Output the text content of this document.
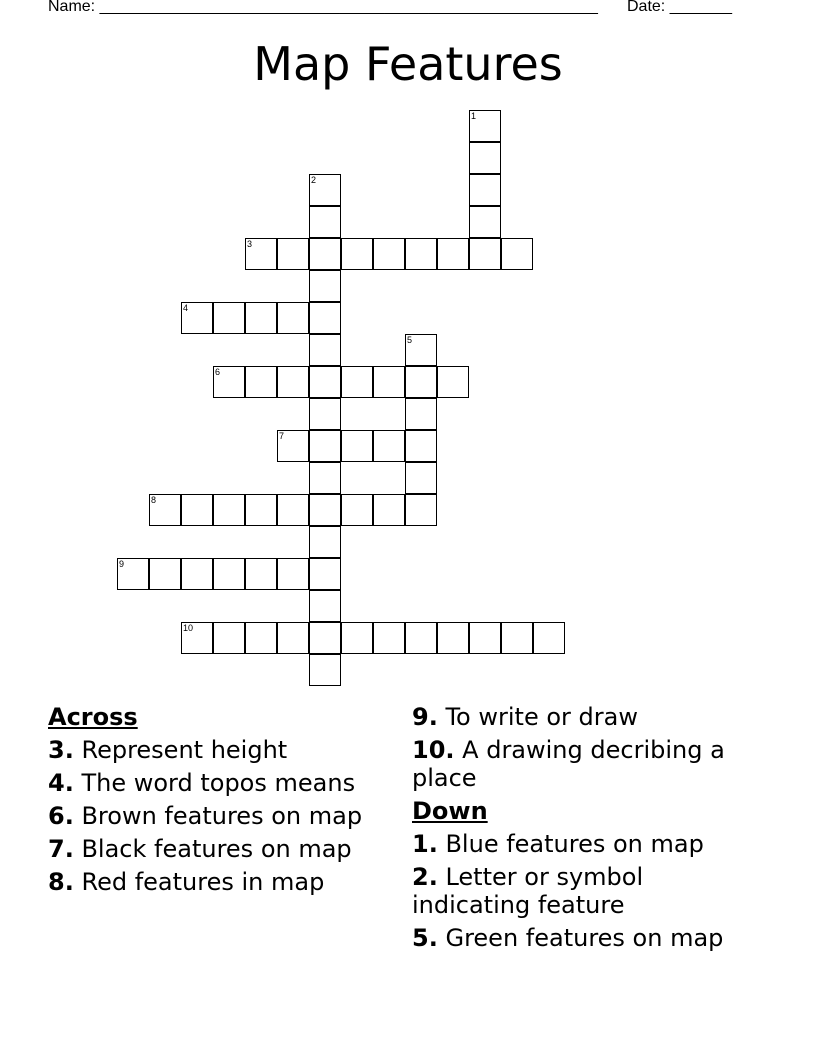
Name: ________________________________________________________ Date: _______
Map Features
1
2
3
4
5
6
7
8
9
10
Across
3. Represent height
4. The word topos means
6. Brown features on map
7. Black features on map
8. Red features in map
9. To write or draw
10. A drawing decribing a place
Down
1. Blue features on map
2. Letter or symbol indicating feature
5. Green features on map
